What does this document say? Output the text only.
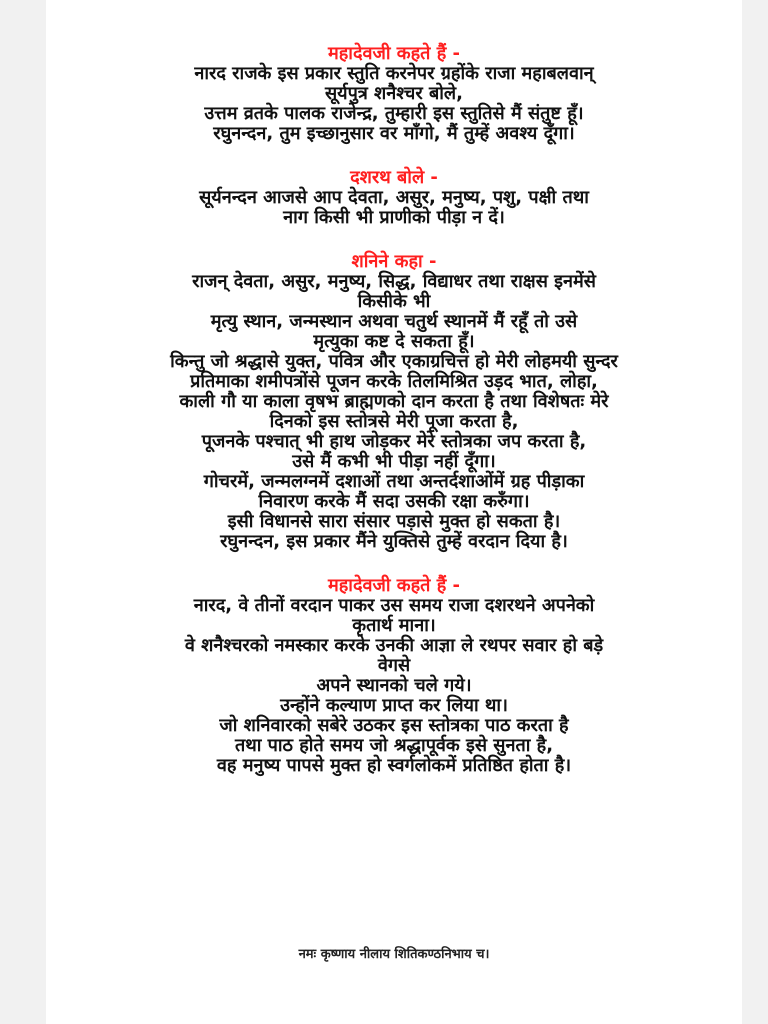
महादेवजी कहते हैं -

नारद राजके इस प्रकार स्तुति करनेपर ग्रहोंके राजा महाबलवान्

सूर्यपुत्र शनैश्चर बोले,

उत्तम व्रतके पालक राजेन्द्र, तुम्हारी इस स्तुतिसे मैं संतुष्ट हूँ।

रघुनन्दन, तुम इच्छानुसार वर माँगो, मैं तुम्हें अवश्य दूँगा।

दशरथ बोले -

सूर्यनन्दन आजसे आप देवता, असुर, मनुष्य, पशु, पक्षी तथा

नाग किसी भी प्राणीको पीड़ा न दें।

शनिने कहा -

राजन् देवता, असुर, मनुष्य, सिद्ध, विद्याधर तथा राक्षस इनमेंसे

किसीके भी

मृत्यु स्थान, जन्मस्थान अथवा चतुर्थ स्थानमें मैं रहूँ तो उसे

मृत्युका कष्ट दे सकता हूँ।

किन्तु जो श्रद्धासे युक्त, पवित्र और एकाग्रचित्त हो मेरी लोहमयी सुन्दर

प्रतिमाका शमीपत्रोंसे पूजन करके तिलमिश्रित उड़द भात, लोहा,

काली गौ या काला वृषभ ब्राह्मणको दान करता है तथा विशेषतः मेरे

दिनको इस स्तोत्रसे मेरी पूजा करता है,

पूजनके पश्चात् भी हाथ जोड़कर मेरे स्तोत्रका जप करता है,

उसे मैं कभी भी पीड़ा नहीं दूँगा।

गोचरमें, जन्मलग्नमें दशाओं तथा अन्तर्दशाओंमें ग्रह पीड़ाका

निवारण करके मैं सदा उसकी रक्षा करुँगा।

इसी विधानसे सारा संसार पड़ासे मुक्त हो सकता है।

रघुनन्दन, इस प्रकार मैंने युक्तिसे तुम्हें वरदान दिया है।

महादेवजी कहते हैं -

नारद, वे तीनों वरदान पाकर उस समय राजा दशरथने अपनेको

कृतार्थ माना।

वे शनैश्चरको नमस्कार करके उनकी आज्ञा ले रथपर सवार हो बड़े

वेगसे

अपने स्थानको चले गये।

उन्होंने कल्याण प्राप्त कर लिया था।

जो शनिवारको सबेरे उठकर इस स्तोत्रका पाठ करता है

तथा पाठ होते समय जो श्रद्धापूर्वक इसे सुनता है,

वह मनुष्य पापसे मुक्त हो स्वर्गलोकमें प्रतिष्ठित होता है।

नमः कृष्णाय नीलाय शितिकण्ठनिभाय च।
